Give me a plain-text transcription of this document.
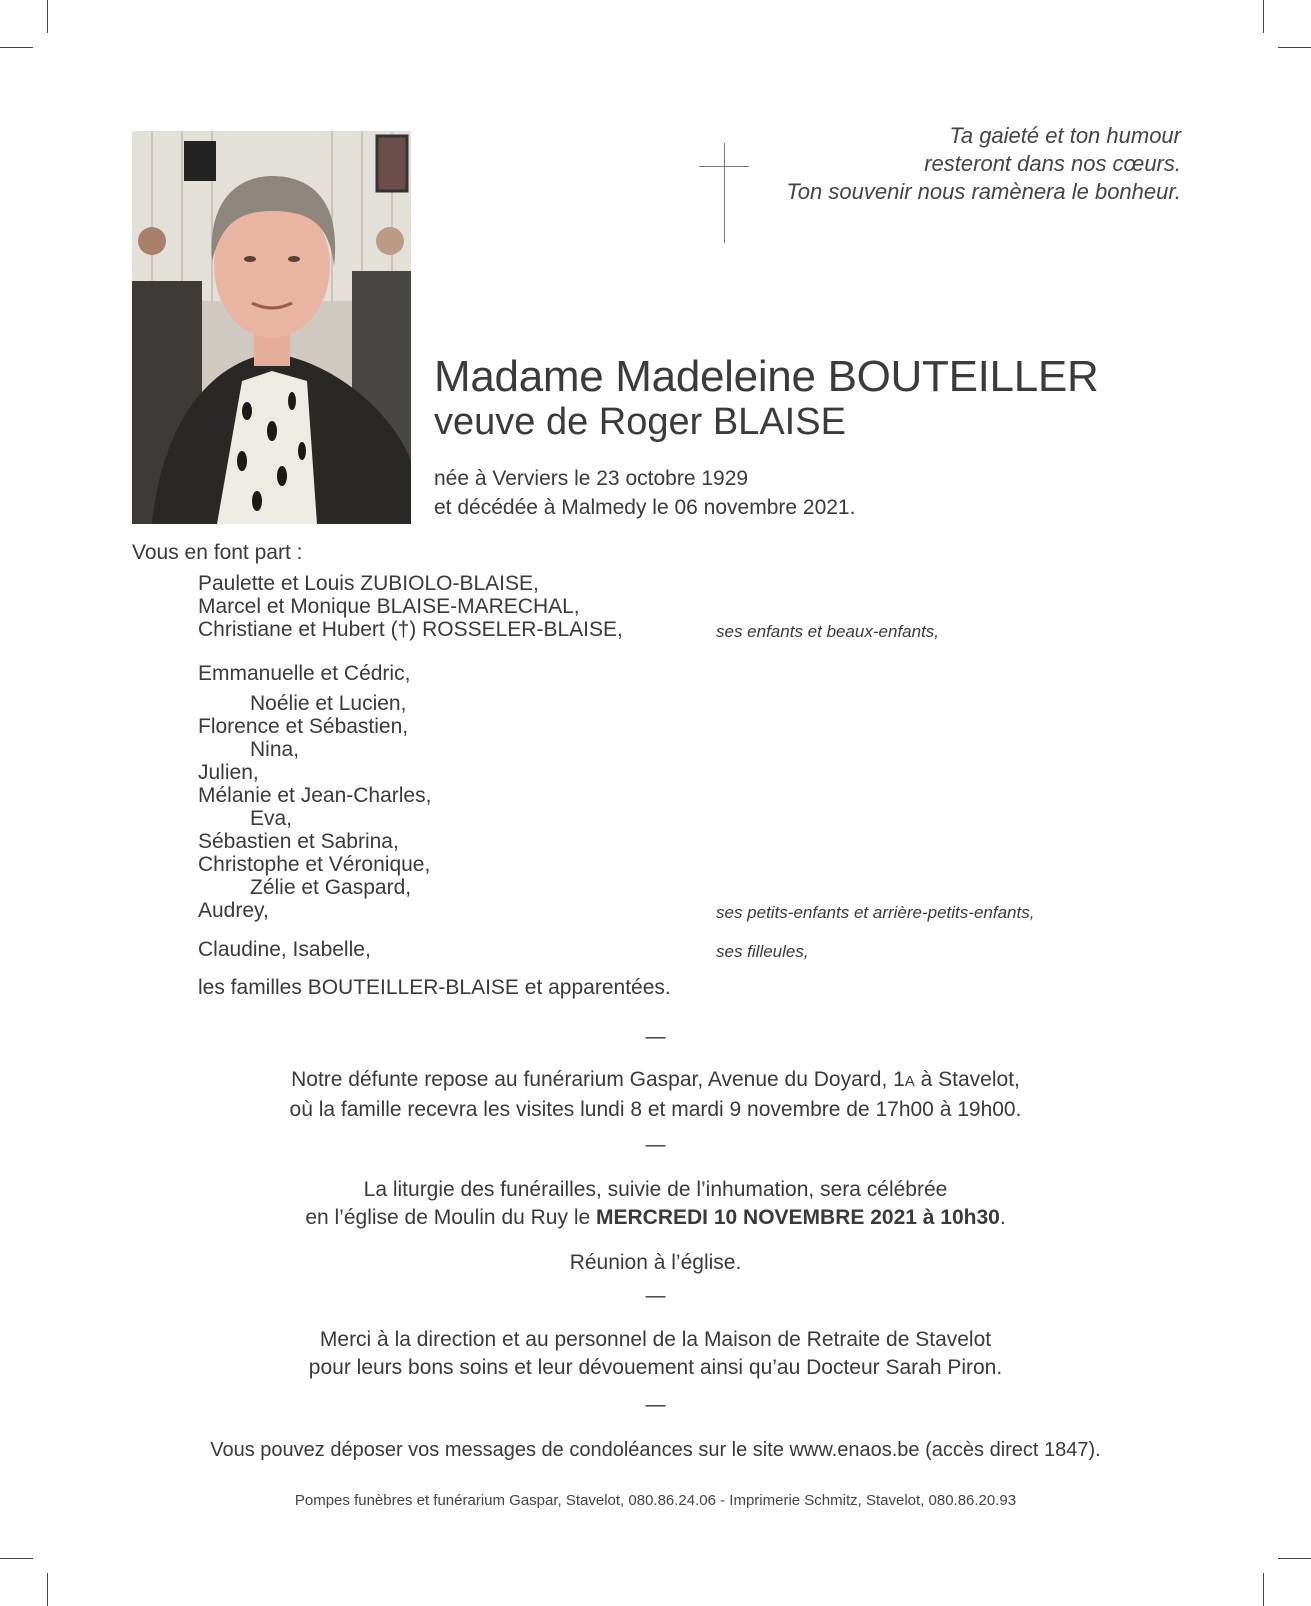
Ta gaieté et ton humour
resteront dans nos cœurs.
Ton souvenir nous ramènera le bonheur.
Madame Madeleine BOUTEILLER
veuve de Roger BLAISE
née à Verviers le 23 octobre 1929
et décédée à Malmedy le 06 novembre 2021.
Vous en font part :
Paulette et Louis ZUBIOLO-BLAISE,
Marcel et Monique BLAISE-MARECHAL,
Christiane et Hubert (†) ROSSELER-BLAISE,	ses enfants et beaux-enfants,
Emmanuelle et Cédric,
Noélie et Lucien,
Florence et Sébastien,
Nina,
Julien,
Mélanie et Jean-Charles,
Eva,
Sébastien et Sabrina,
Christophe et Véronique,
Zélie et Gaspard,
Audrey,	ses petits-enfants et arrière-petits-enfants,
Claudine, Isabelle,	ses filleules,
les familles BOUTEILLER-BLAISE et apparentées.
—
Notre défunte repose au funérarium Gaspar, Avenue du Doyard, 1A à Stavelot,
où la famille recevra les visites lundi 8 et mardi 9 novembre de 17h00 à 19h00.
—
La liturgie des funérailles, suivie de l’inhumation, sera célébrée
en l’église de Moulin du Ruy le MERCREDI 10 NOVEMBRE 2021 à 10h30.
Réunion à l’église.
—
Merci à la direction et au personnel de la Maison de Retraite de Stavelot
pour leurs bons soins et leur dévouement ainsi qu’au Docteur Sarah Piron.
—
Vous pouvez déposer vos messages de condoléances sur le site www.enaos.be (accès direct 1847).
Pompes funèbres et funérarium Gaspar, Stavelot, 080.86.24.06 - Imprimerie Schmitz, Stavelot, 080.86.20.93
